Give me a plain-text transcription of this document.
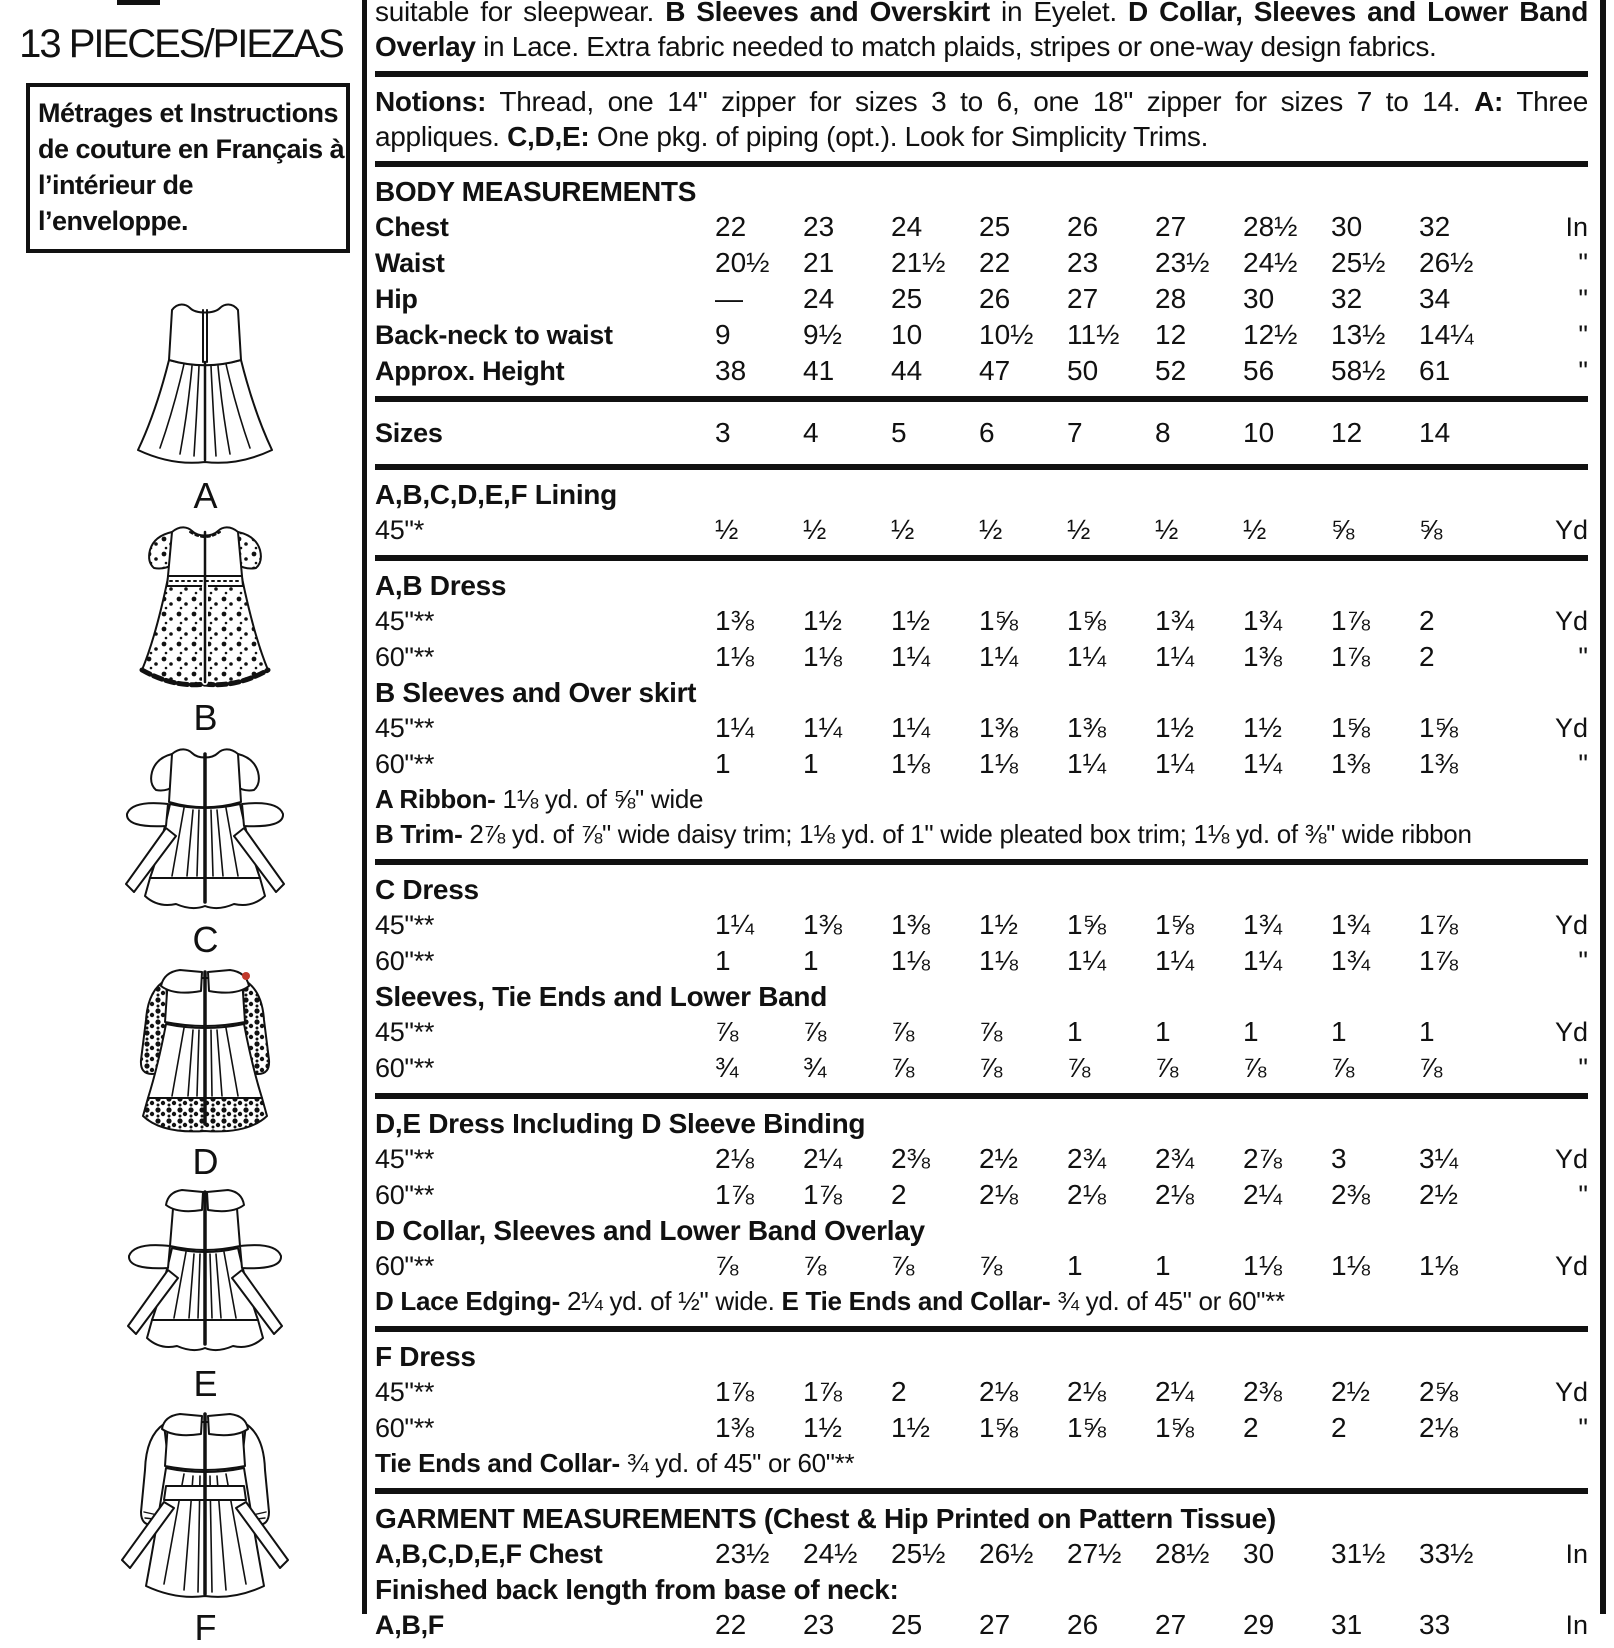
13 PIECES/PIEZAS
Métrages et Instructions
de couture en Français à
l’intérieur de
l’enveloppe.
A
B
C
D
E
F
suitable for sleepwear. B Sleeves and Overskirt in Eyelet. D Collar, Sleeves and Lower Band Overlay in Lace. Extra fabric needed to match plaids, stripes or one-way design fabrics.
Notions: Thread, one 14" zipper for sizes 3 to 6, one 18" zipper for sizes 7 to 14. A: Three appliques. C,D,E: One pkg. of piping (opt.). Look for Simplicity Trims.
BODY MEASUREMENTS
Chest	22	23	24	25	26	27	28½	30	32	In
Waist	20½	21	21½	22	23	23½	24½	25½	26½	"
Hip	—	24	25	26	27	28	30	32	34	"
Back-neck to waist	9	9½	10	10½	11½	12	12½	13½	14¼	"
Approx. Height	38	41	44	47	50	52	56	58½	61	"
Sizes	3	4	5	6	7	8	10	12	14
A,B,C,D,E,F Lining
45"*	½	½	½	½	½	½	½	⅝	⅝	Yd
A,B Dress
45"**	1⅜	1½	1½	1⅝	1⅝	1¾	1¾	1⅞	2	Yd
60"**	1⅛	1⅛	1¼	1¼	1¼	1¼	1⅜	1⅞	2	"
B Sleeves and Over skirt
45"**	1¼	1¼	1¼	1⅜	1⅜	1½	1½	1⅝	1⅝	Yd
60"**	1	1	1⅛	1⅛	1¼	1¼	1¼	1⅜	1⅜	"
A Ribbon- 1⅛ yd. of ⅝" wide
B Trim- 2⅞ yd. of ⅞" wide daisy trim; 1⅛ yd. of 1" wide pleated box trim; 1⅛ yd. of ⅜" wide ribbon
C Dress
45"**	1¼	1⅜	1⅜	1½	1⅝	1⅝	1¾	1¾	1⅞	Yd
60"**	1	1	1⅛	1⅛	1¼	1¼	1¼	1¾	1⅞	"
Sleeves, Tie Ends and Lower Band
45"**	⅞	⅞	⅞	⅞	1	1	1	1	1	Yd
60"**	¾	¾	⅞	⅞	⅞	⅞	⅞	⅞	⅞	"
D,E Dress Including D Sleeve Binding
45"**	2⅛	2¼	2⅜	2½	2¾	2¾	2⅞	3	3¼	Yd
60"**	1⅞	1⅞	2	2⅛	2⅛	2⅛	2¼	2⅜	2½	"
D Collar, Sleeves and Lower Band Overlay
60"**	⅞	⅞	⅞	⅞	1	1	1⅛	1⅛	1⅛	Yd
D Lace Edging- 2¼ yd. of ½" wide. E Tie Ends and Collar- ¾ yd. of 45" or 60"**
F Dress
45"**	1⅞	1⅞	2	2⅛	2⅛	2¼	2⅜	2½	2⅝	Yd
60"**	1⅜	1½	1½	1⅝	1⅝	1⅝	2	2	2⅛	"
Tie Ends and Collar- ¾ yd. of 45" or 60"**
GARMENT MEASUREMENTS (Chest & Hip Printed on Pattern Tissue)
A,B,C,D,E,F Chest	23½	24½	25½	26½	27½	28½	30	31½	33½	In
Finished back length from base of neck:
A,B,F	22	23	25	27	26	27	29	31	33	In
